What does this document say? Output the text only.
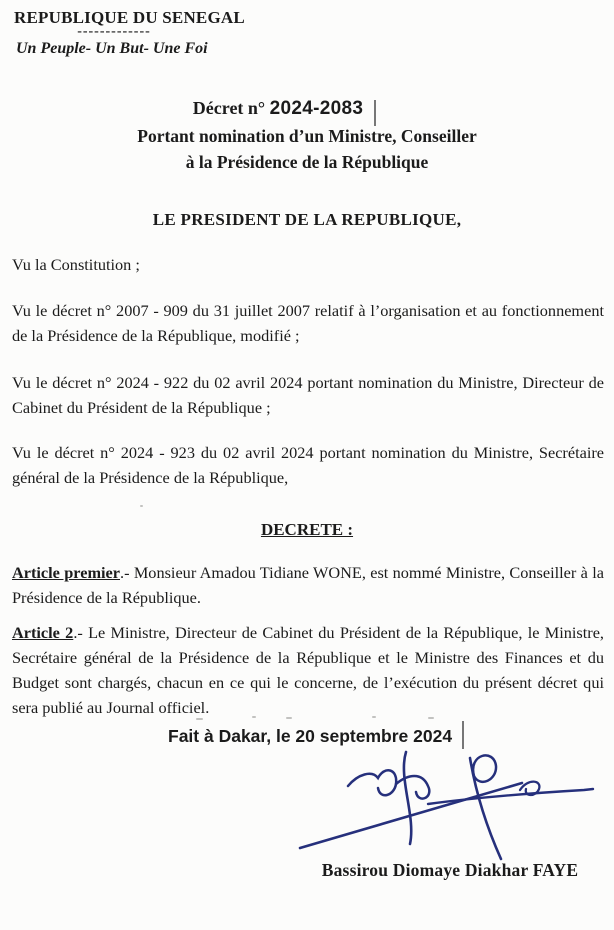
REPUBLIQUE DU SENEGAL
-------------
Un Peuple- Un But- Une Foi
Décret n° 2024-2083
Portant nomination d’un Ministre, Conseiller
à la Présidence de la République
LE PRESIDENT DE LA REPUBLIQUE,
Vu la Constitution ;
Vu le décret n° 2007 - 909 du 31 juillet 2007 relatif à l’organisation et au fonctionnement de la Présidence de la République, modifié ;
Vu le décret n° 2024 - 922 du 02 avril 2024 portant nomination du Ministre, Directeur de Cabinet du Président de la République ;
Vu le décret n° 2024 - 923 du 02 avril 2024 portant nomination du Ministre, Secrétaire général de la Présidence de la République,
DECRETE :
Article premier.- Monsieur Amadou Tidiane WONE, est nommé Ministre, Conseiller à la Présidence de la République.
Article 2.- Le Ministre, Directeur de Cabinet du Président de la République, le Ministre, Secrétaire général de la Présidence de la République et le Ministre des Finances et du Budget sont chargés, chacun en ce qui le concerne, de l’exécution du présent décret qui sera publié au Journal officiel.
Fait à Dakar, le 20 septembre 2024
Bassirou Diomaye Diakhar FAYE
